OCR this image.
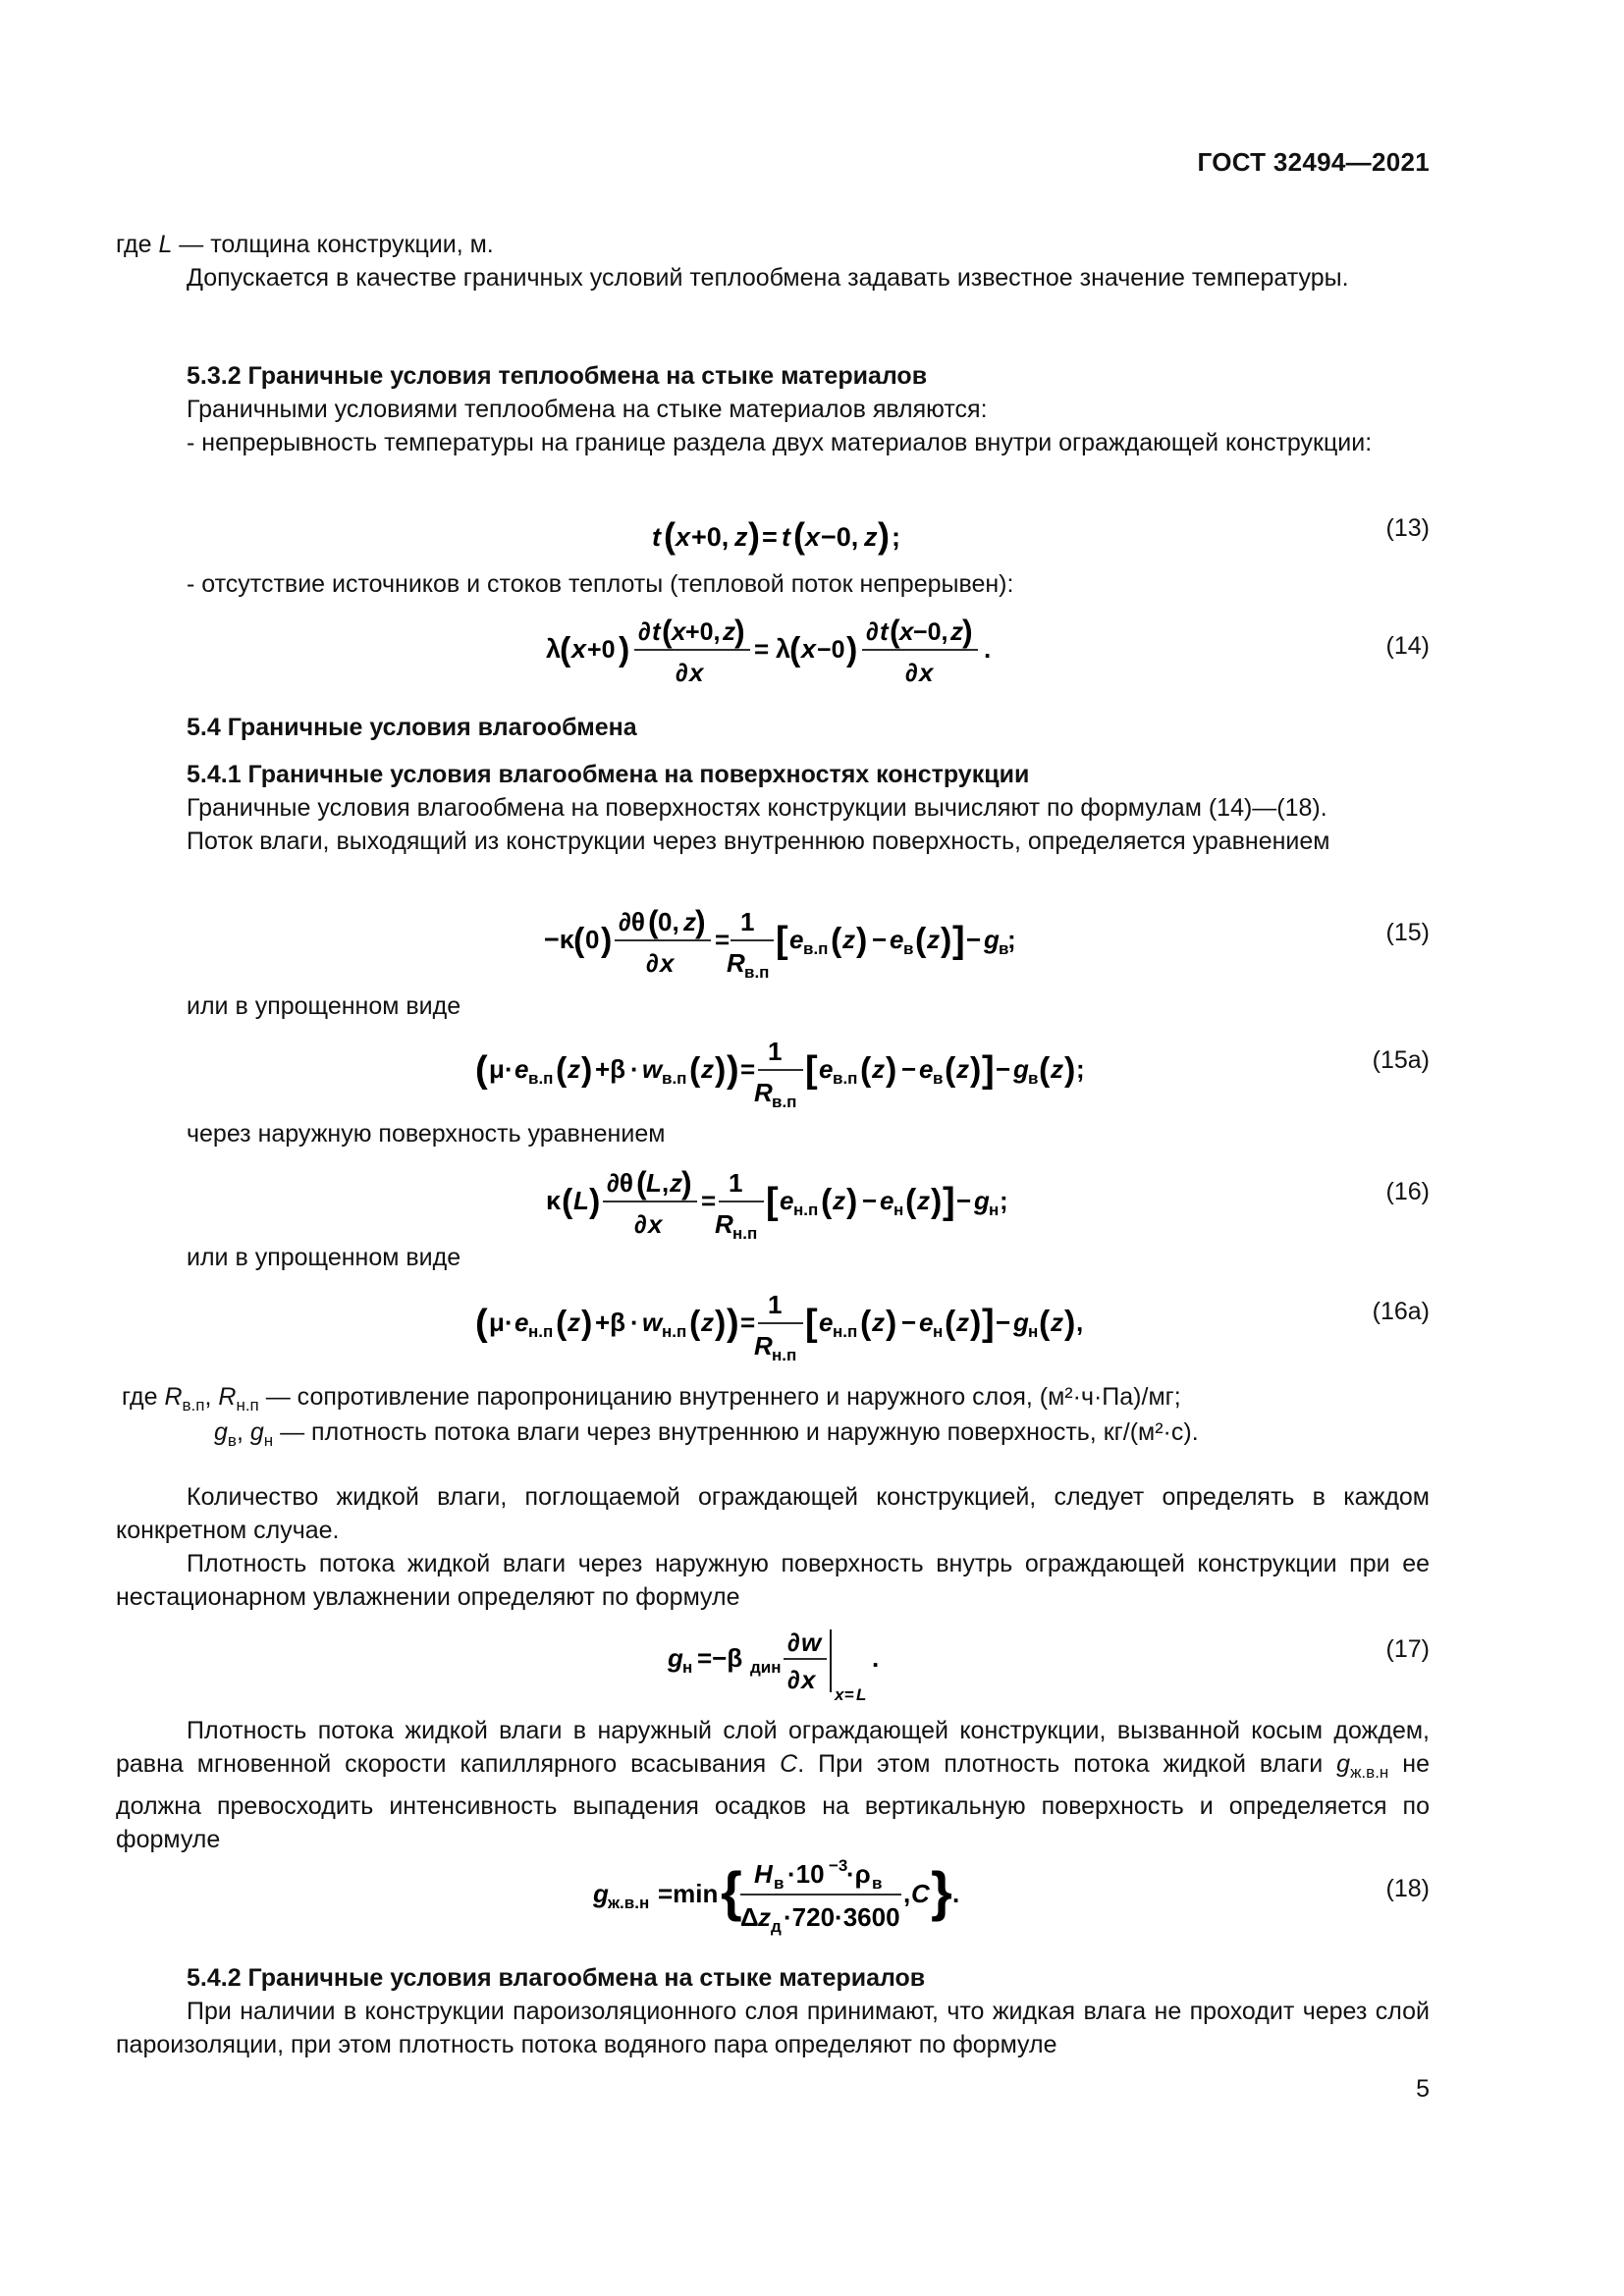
ГОСТ 32494—2021
где L — толщина конструкции, м.
Допускается в качестве граничных условий теплообмена задавать известное значение температуры.
5.3.2 Граничные условия теплообмена на стыке материалов
Граничными условиями теплообмена на стыке материалов являются:
- непрерывность температуры на границе раздела двух материалов внутри ограждающей конструкции:
t ( x +0, z ) = t ( x −0, z ) ;	(13)
- отсутствие источников и стоков теплоты (тепловой поток непрерывен):
λ
( x +0 ) ∂ t ( x +0, z )
∂ x
= λ
( x −0 ) ∂ t ( x −0, z )
∂ x
.	(14)
5.4 Граничные условия влагообмена
5.4.1 Граничные условия влагообмена на поверхностях конструкции
Граничные условия влагообмена на поверхностях конструкции вычисляют по формулам (14)—(18).
Поток влаги, выходящий из конструкции через внутреннюю поверхность, определяется уравнением
−κ ( 0 ) ∂θ ( 0, z )
∂ x
=
1
R в.п
[ e в.п ( z ) − e в ( z ) ] − g в
;	(15)
или в упрощенном виде
( μ · e в.п ( z ) +β · w в.п ( z ) ) =
1
R в.п
[ e в.п ( z ) − e в ( z ) ] − g в ( z ) ;	(15а)
через наружную поверхность уравнением
κ ( L ) ∂θ ( L , z )
∂ x
=
1
R н.п
[ e н.п ( z ) − e н ( z ) ] − g н ;	(16)
или в упрощенном виде
( μ · e н.п ( z ) +β · w н.п ( z ) ) =
1
R н.п
[ e н.п ( z ) − e н ( z ) ] − g н ( z ) ,	(16а)
где $R_{в.п}$, $R_{н.п}$ — сопротивление паропроницанию внутреннего и наружного слоя, (м²·ч·Па)/мг;
$g_в$, $g_н$ — плотность потока влаги через внутреннюю и наружную поверхность, кг/(м²·с).
Количество жидкой влаги, поглощаемой ограждающей конструкцией, следует определять в каждом конкретном случае.
Плотность потока жидкой влаги через наружную поверхность внутрь ограждающей конструкции при ее нестационарном увлажнении определяют по формуле
g н =−β дин
∂ w
∂ x
x = L
.	(17)
Плотность потока жидкой влаги в наружный слой ограждающей конструкции, вызванной косым дождем, равна мгновенной скорости капиллярного всасывания C. При этом плотность потока жидкой влаги $g_{ж.в.н}$ не должна превосходить интенсивность выпадения осадков на вертикальную поверхность и определяется по формуле
g ж.в.н =min { H в ·10 −3
·ρ в
Δ z д ·720·3600
, C } .	(18)
5.4.2 Граничные условия влагообмена на стыке материалов
При наличии в конструкции пароизоляционного слоя принимают, что жидкая влага не проходит через слой пароизоляции, при этом плотность потока водяного пара определяют по формуле
5
